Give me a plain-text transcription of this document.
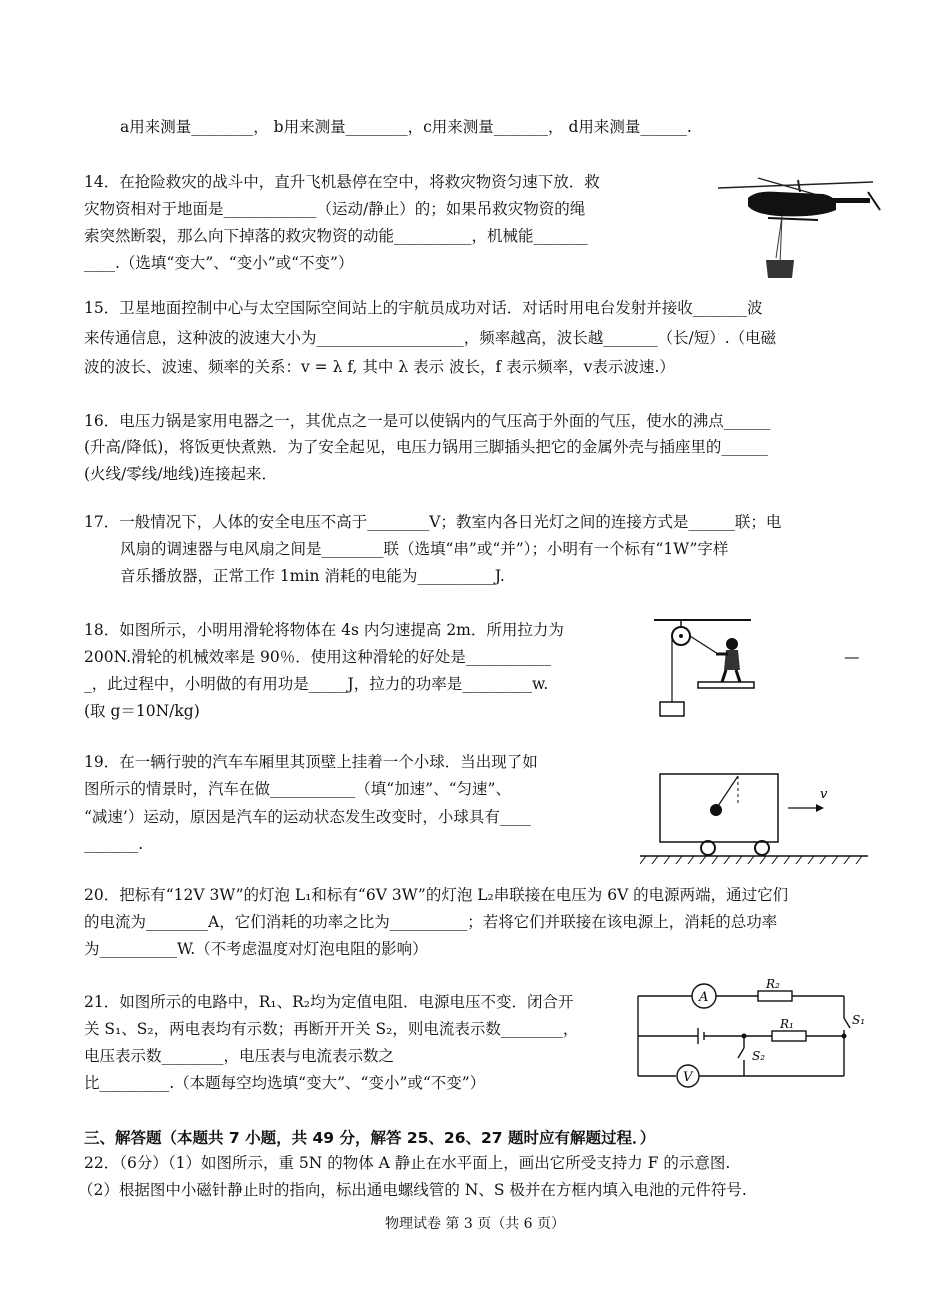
a用来测量________， b用来测量________，c用来测量_______， d用来测量______.
14．在抢险救灾的战斗中，直升飞机悬停在空中，将救灾物资匀速下放．救
灾物资相对于地面是____________（运动/静止）的；如果吊救灾物资的绳
索突然断裂，那么向下掉落的救灾物资的动能__________，机械能_______
____.（选填“变大”、“变小”或“不变”）
15．卫星地面控制中心与太空国际空间站上的宇航员成功对话．对话时用电台发射并接收_______波
来传通信息，这种波的波速大小为___________________，频率越高，波长越_______（长/短）.（电磁
波的波长、波速、频率的关系：v = λ f, 其中 λ 表示 波长，f 表示频率，v表示波速.）
16．电压力锅是家用电器之一，其优点之一是可以使锅内的气压高于外面的气压，使水的沸点______
(升高/降低)，将饭更快煮熟．为了安全起见，电压力锅用三脚插头把它的金属外壳与插座里的______
(火线/零线/地线)连接起来．
17．一般情况下，人体的安全电压不高于________V；教室内各日光灯之间的连接方式是______联；电
风扇的调速器与电风扇之间是________联（选填“串”或“并”）；小明有一个标有“1W”字样
音乐播放器，正常工作 1min 消耗的电能为__________J.
18．如图所示，小明用滑轮将物体在 4s 内匀速提高 2m．所用拉力为
200N.滑轮的机械效率是 90％．使用这种滑轮的好处是___________	—
_，此过程中，小明做的有用功是_____J，拉力的功率是_________w.
(取 g＝10N/kg)
19．在一辆行驶的汽车车厢里其顶壁上挂着一个小球．当出现了如
图所示的情景时，汽车在做___________（填“加速”、“匀速”、
“减速’）运动，原因是汽车的运动状态发生改变时，小球具有____
_______.
v
20．把标有“12V 3W”的灯泡 L₁和标有“6V 3W”的灯泡 L₂串联接在电压为 6V 的电源两端，通过它们
的电流为________A，它们消耗的功率之比为__________；若将它们并联接在该电源上，消耗的总功率
为__________W.（不考虑温度对灯泡电阻的影响）
21．如图所示的电路中，R₁、R₂均为定值电阻．电源电压不变．闭合开
关 S₁、S₂，两电表均有示数；再断开开关 S₂，则电流表示数________，
电压表示数________，电压表与电流表示数之
比_________.（本题每空均选填“变大”、“变小”或“不变”）
A
V
R₂
R₁	S₁
S₂
三、解答题（本题共 7 小题，共 49 分，解答 25、26、27 题时应有解题过程．）
22．（6分）（1）如图所示，重 5N 的物体 A 静止在水平面上，画出它所受支持力 F 的示意图.
（2）根据图中小磁针静止时的指向，标出通电螺线管的 N、S 极并在方框内填入电池的元件符号.
物理试卷 第 3 页（共 6 页）
